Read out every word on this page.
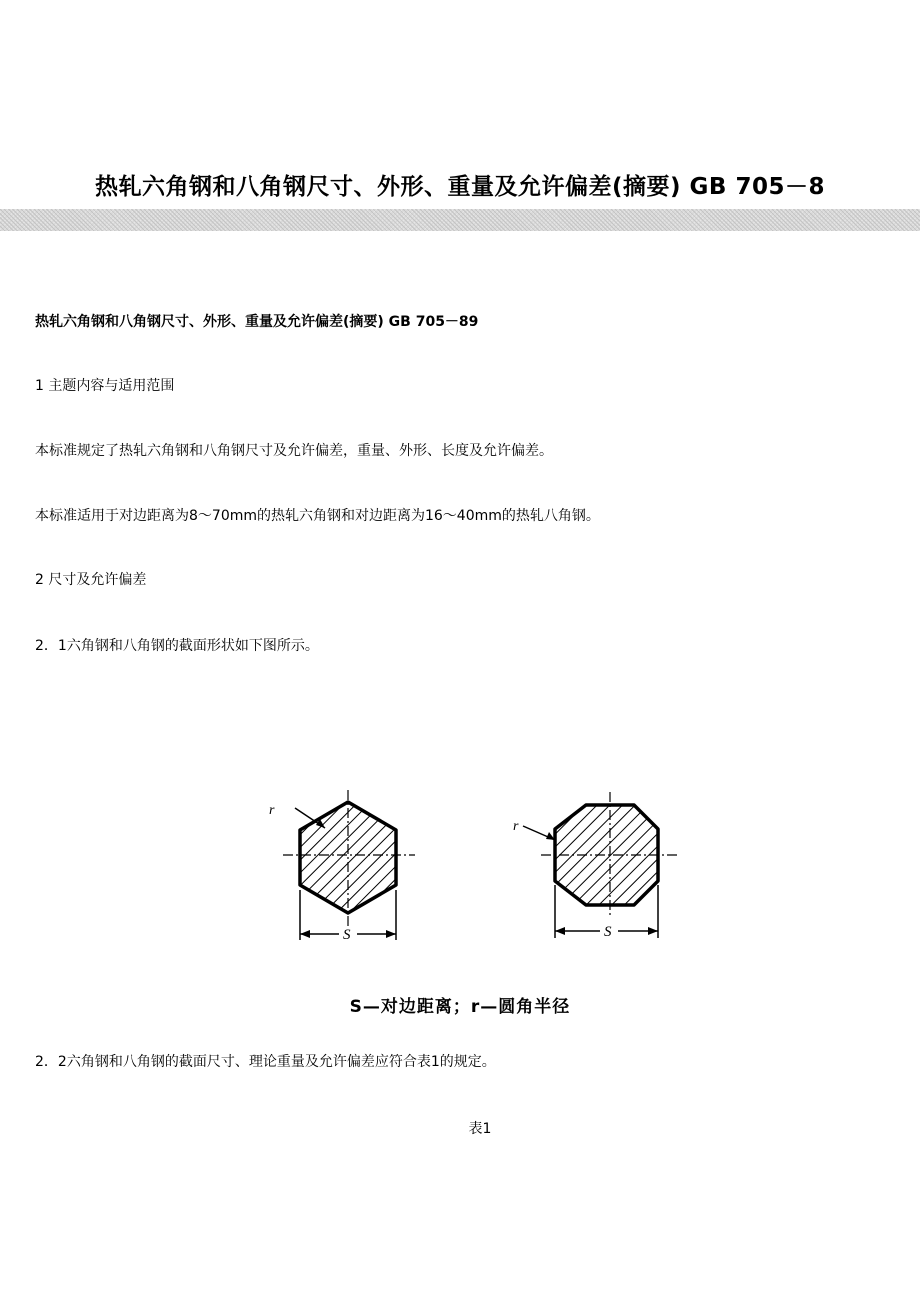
热轧六角钢和八角钢尺寸、外形、重量及允许偏差(摘要) GB 705－8
热轧六角钢和八角钢尺寸、外形、重量及允许偏差(摘要) GB 705－89
1 主题内容与适用范围
本标准规定了热轧六角钢和八角钢尺寸及允许偏差，重量、外形、长度及允许偏差。
本标准适用于对边距离为8～70mm的热轧六角钢和对边距离为16～40mm的热轧八角钢。
2 尺寸及允许偏差
2．1六角钢和八角钢的截面形状如下图所示。
r
S
r
S
S—对边距离；r—圆角半径
2．2六角钢和八角钢的截面尺寸、理论重量及允许偏差应符合表1的规定。
表1
